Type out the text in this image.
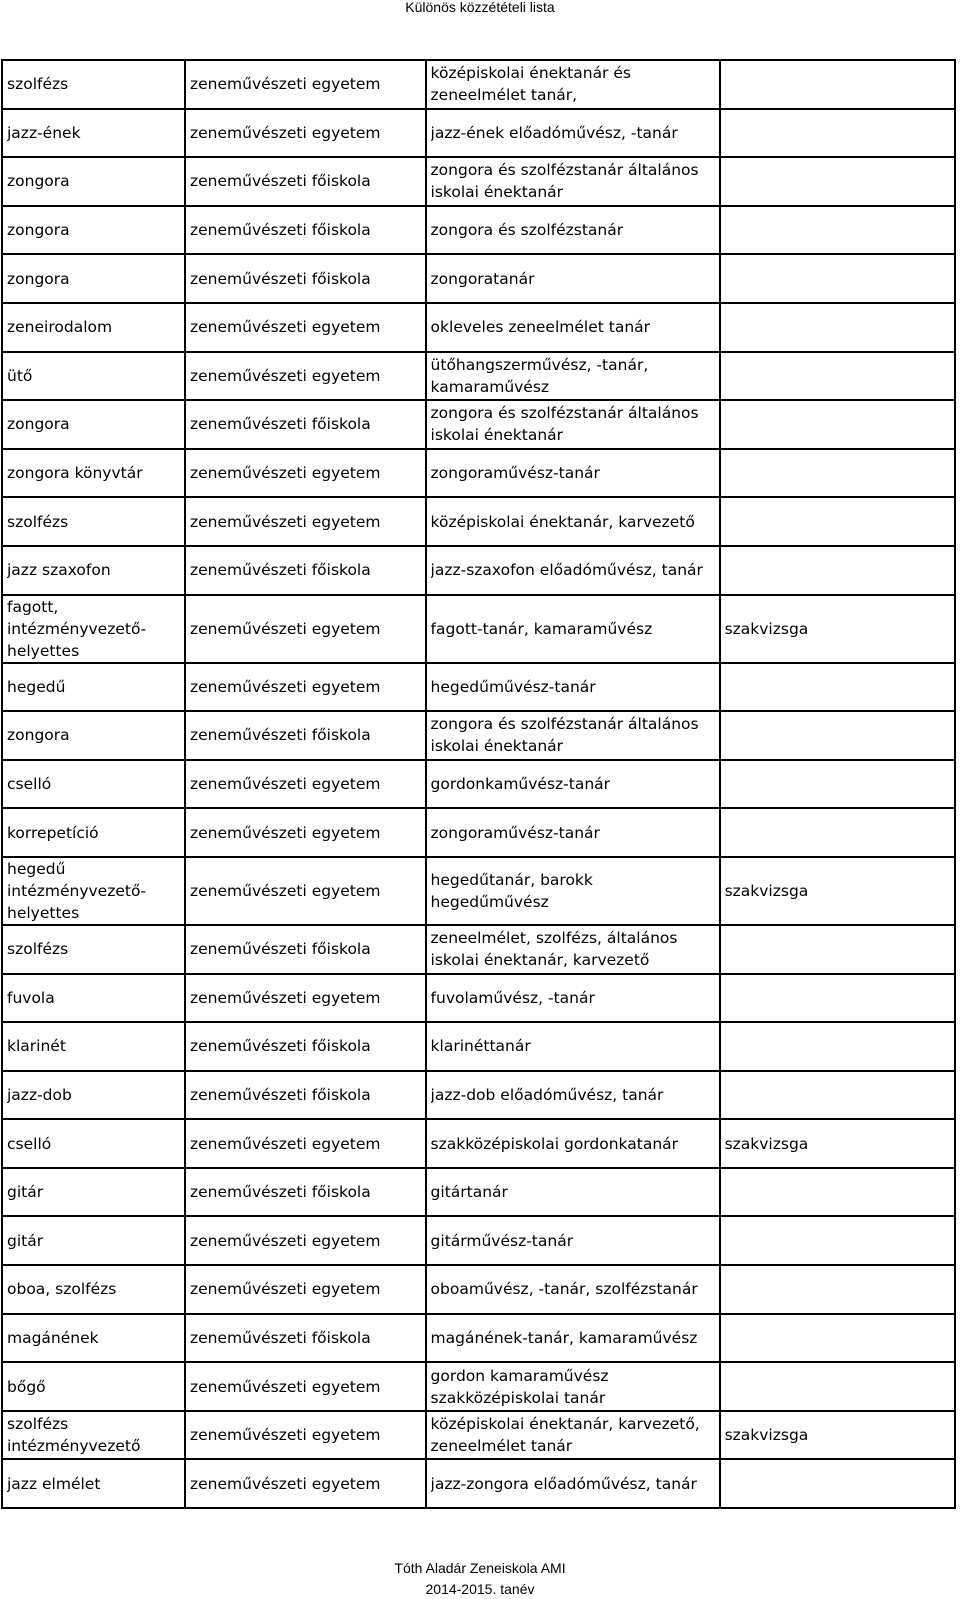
Különös közzétételi lista
szolfézs	zeneművészeti egyetem	középiskolai énektanár és zeneelmélet tanár,	

jazz-ének	zeneművészeti egyetem	jazz-ének előadóművész, -tanár	

zongora	zeneművészeti főiskola	zongora és szolfézstanár általános iskolai énektanár	

zongora	zeneművészeti főiskola	zongora és szolfézstanár	

zongora	zeneművészeti főiskola	zongoratanár	

zeneirodalom	zeneművészeti egyetem	okleveles zeneelmélet tanár	

ütő	zeneművészeti egyetem	ütőhangszerművész, -tanár, kamaraművész	

zongora	zeneművészeti főiskola	zongora és szolfézstanár általános iskolai énektanár	

zongora könyvtár	zeneművészeti egyetem	zongoraművész-tanár	

szolfézs	zeneművészeti egyetem	középiskolai énektanár, karvezető	

jazz szaxofon	zeneművészeti főiskola	jazz-szaxofon előadóművész, tanár	

fagott, intézményvezető-helyettes	zeneművészeti egyetem	fagott-tanár, kamaraművész	szakvizsga

hegedű	zeneművészeti egyetem	hegedűművész-tanár	

zongora	zeneművészeti főiskola	zongora és szolfézstanár általános iskolai énektanár	

cselló	zeneművészeti egyetem	gordonkaművész-tanár	

korrepetíció	zeneművészeti egyetem	zongoraművész-tanár	

hegedű intézményvezető-helyettes	zeneművészeti egyetem	hegedűtanár, barokk hegedűművész	szakvizsga

szolfézs	zeneművészeti főiskola	zeneelmélet, szolfézs, általános iskolai énektanár, karvezető	

fuvola	zeneművészeti egyetem	fuvolaművész, -tanár	

klarinét	zeneművészeti főiskola	klarinéttanár	

jazz-dob	zeneművészeti főiskola	jazz-dob előadóművész, tanár	

cselló	zeneművészeti egyetem	szakközépiskolai gordonkatanár	szakvizsga

gitár	zeneművészeti főiskola	gitártanár	

gitár	zeneművészeti egyetem	gitárművész-tanár	

oboa, szolfézs	zeneművészeti egyetem	oboaművész, -tanár, szolfézstanár	

magánének	zeneművészeti főiskola	magánének-tanár, kamaraművész	

bőgő	zeneművészeti egyetem	gordon kamaraművész szakközépiskolai tanár	

szolfézs intézményvezető	zeneművészeti egyetem	középiskolai énektanár, karvezető, zeneelmélet tanár	szakvizsga

jazz elmélet	zeneművészeti egyetem	jazz-zongora előadóművész, tanár	

Tóth Aladár Zeneiskola AMI
2014-2015. tanév
